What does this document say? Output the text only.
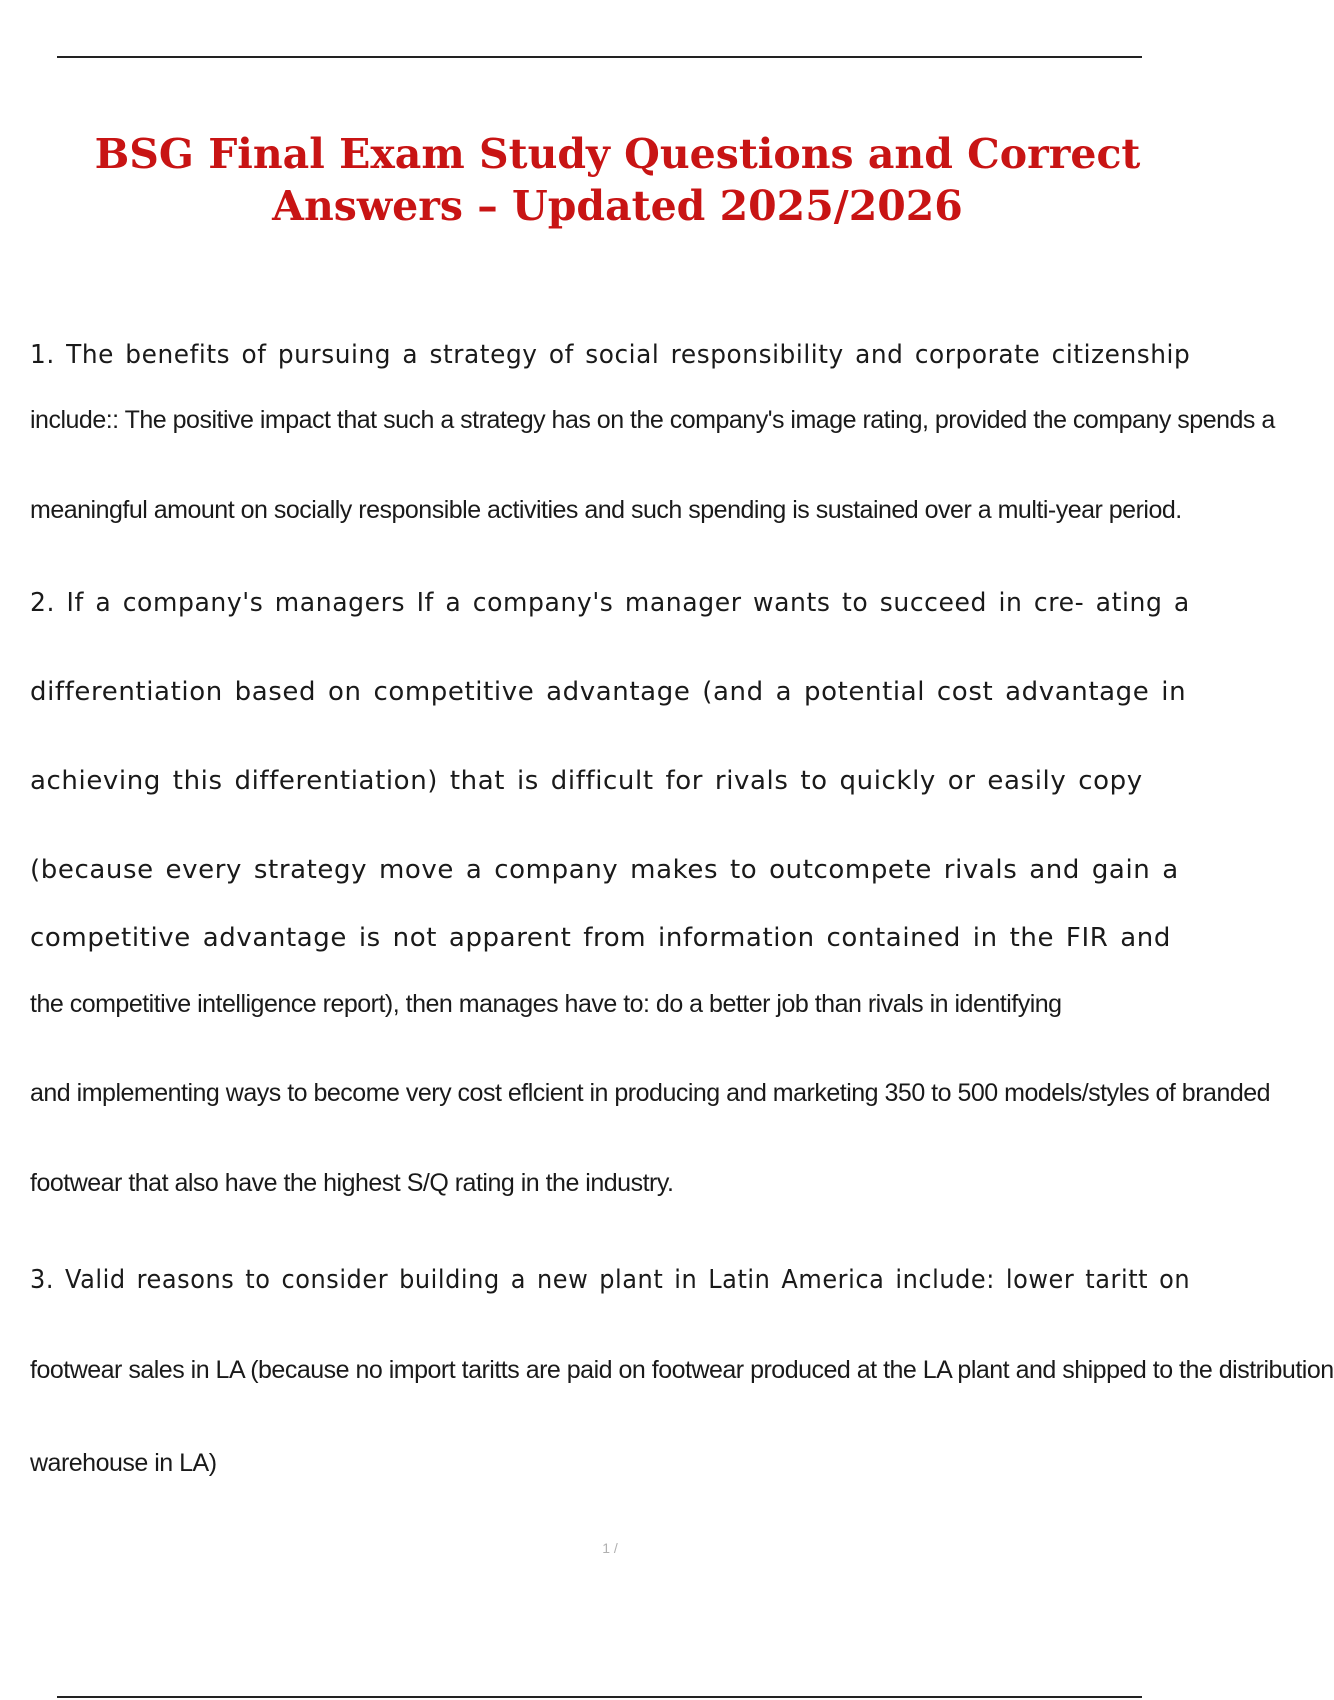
BSG Final Exam Study Questions and Correct Answers – Updated 2025/2026
1. The benefits of pursuing a strategy of social responsibility and corporate citizenship
include:: The positive impact that such a strategy has on the company's image rating, provided the company spends a
meaningful amount on socially responsible activities and such spending is sustained over a multi-year period.
2. If a company's managers If a company's manager wants to succeed in cre- ating a
differentiation based on competitive advantage (and a potential cost advantage in
achieving this differentiation) that is difficult for rivals to quickly or easily copy
(because every strategy move a company makes to outcompete rivals and gain a
competitive advantage is not apparent from information contained in the FIR and
the competitive intelligence report), then manages have to: do a better job than rivals in identifying
and implementing ways to become very cost eflcient in producing and marketing 350 to 500 models/styles of branded
footwear that also have the highest S/Q rating in the industry.
3. Valid reasons to consider building a new plant in Latin America include: lower taritt on
footwear sales in LA (because no import taritts are paid on footwear produced at the LA plant and shipped to the distribution
warehouse in LA)
1 /
